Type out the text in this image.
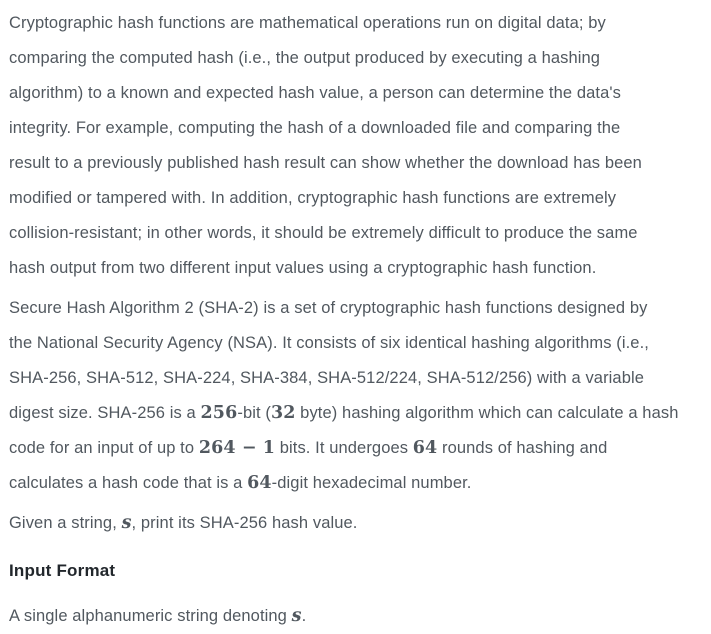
Cryptographic hash functions are mathematical operations run on digital data; by
comparing the computed hash (i.e., the output produced by executing a hashing
algorithm) to a known and expected hash value, a person can determine the data's
integrity. For example, computing the hash of a downloaded file and comparing the
result to a previously published hash result can show whether the download has been
modified or tampered with. In addition, cryptographic hash functions are extremely
collision-resistant; in other words, it should be extremely difficult to produce the same
hash output from two different input values using a cryptographic hash function.
Secure Hash Algorithm 2 (SHA-2) is a set of cryptographic hash functions designed by
the National Security Agency (NSA). It consists of six identical hashing algorithms (i.e.,
SHA-256, SHA-512, SHA-224, SHA-384, SHA-512/224, SHA-512/256) with a variable
digest size. SHA-256 is a 256-bit (32 byte) hashing algorithm which can calculate a hash
code for an input of up to 264 − 1 bits. It undergoes 64 rounds of hashing and
calculates a hash code that is a 64-digit hexadecimal number.
Given a string, s, print its SHA-256 hash value.
Input Format
A single alphanumeric string denoting s.
